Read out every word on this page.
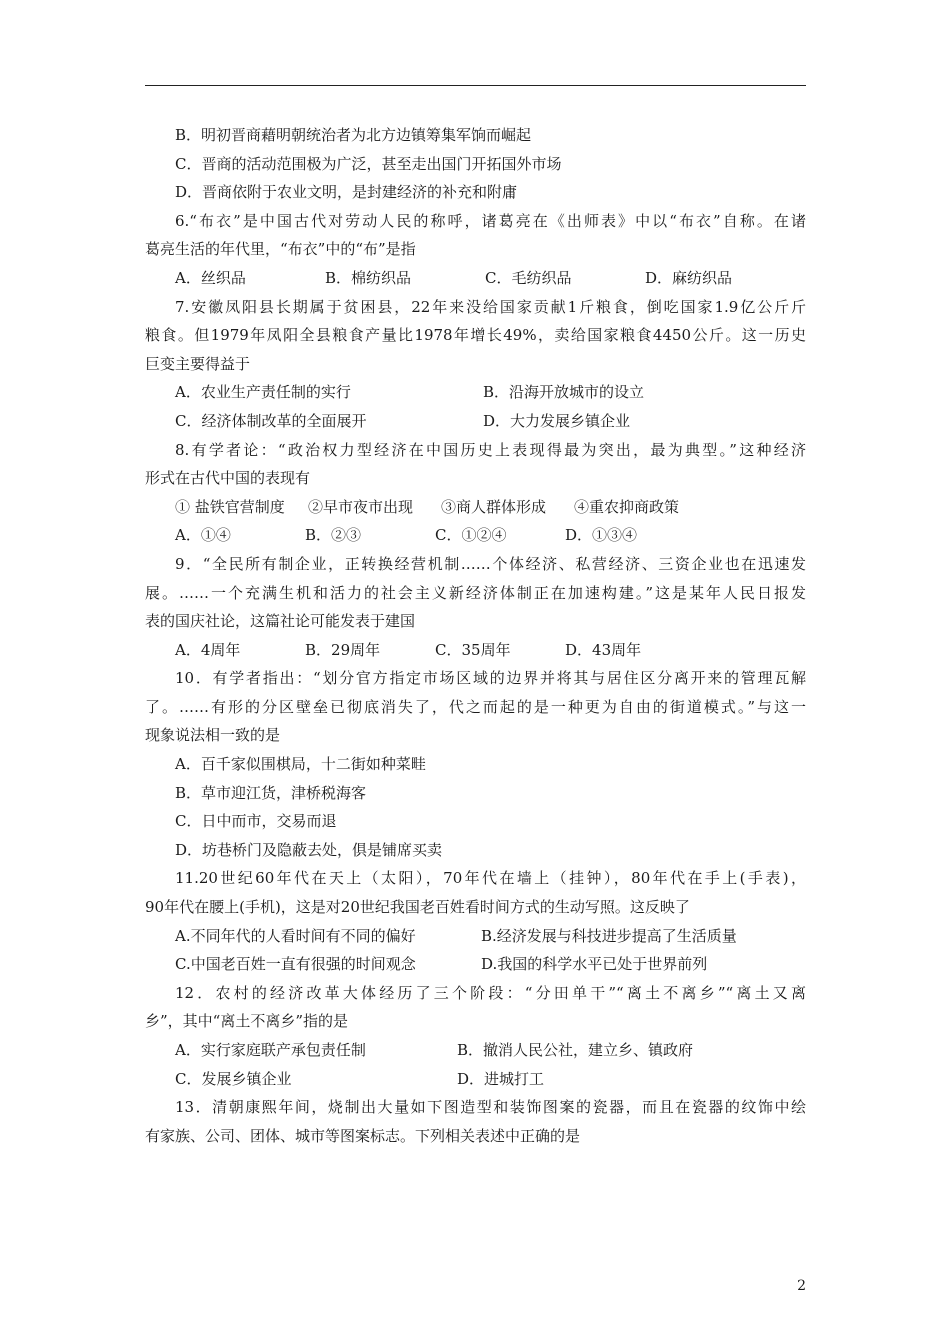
B．明初晋商藉明朝统治者为北方边镇筹集军饷而崛起
C．晋商的活动范围极为广泛，甚至走出国门开拓国外市场
D．晋商依附于农业文明，是封建经济的补充和附庸
6.“布衣”是中国古代对劳动人民的称呼，诸葛亮在《出师表》中以“布衣”自称。在诸
葛亮生活的年代里，“布衣”中的“布”是指
A．丝织品	B．棉纺织品	C．毛纺织品	D．麻纺织品
7.安徽凤阳县长期属于贫困县，22年来没给国家贡献1斤粮食，倒吃国家1.9亿公斤斤
粮食。但1979年凤阳全县粮食产量比1978年增长49%，卖给国家粮食4450公斤。这一历史
巨变主要得益于
A．农业生产责任制的实行	B．沿海开放城市的设立
C．经济体制改革的全面展开	D．大力发展乡镇企业
8.有学者论：“政治权力型经济在中国历史上表现得最为突出，最为典型。”这种经济
形式在古代中国的表现有
① 盐铁官营制度 ②早市夜市出现 ③商人群体形成 ④重农抑商政策
A．①④	B．②③	C．①②④	D．①③④
9．“全民所有制企业，正转换经营机制……个体经济、私营经济、三资企业也在迅速发
展。……一个充满生机和活力的社会主义新经济体制正在加速构建。”这是某年人民日报发
表的国庆社论，这篇社论可能发表于建国
A．4周年	B．29周年	C．35周年	D．43周年
10．有学者指出：“划分官方指定市场区域的边界并将其与居住区分离开来的管理瓦解
了。……有形的分区壁垒已彻底消失了，代之而起的是一种更为自由的街道模式。”与这一
现象说法相一致的是
A．百千家似围棋局，十二街如种菜畦
B．草市迎江货，津桥税海客
C．日中而市，交易而退
D．坊巷桥门及隐蔽去处，俱是铺席买卖
11.20世纪60年代在天上（太阳），70年代在墙上（挂钟），80年代在手上(手表)，
90年代在腰上(手机)，这是对20世纪我国老百姓看时间方式的生动写照。这反映了
A.不同年代的人看时间有不同的偏好	B.经济发展与科技进步提高了生活质量
C.中国老百姓一直有很强的时间观念	D.我国的科学水平已处于世界前列
12．农村的经济改革大体经历了三个阶段：“分田单干”“离土不离乡”“离土又离
乡”，其中“离土不离乡”指的是
A．实行家庭联产承包责任制	B．撤消人民公社，建立乡、镇政府
C．发展乡镇企业	D．进城打工
13．清朝康熙年间，烧制出大量如下图造型和装饰图案的瓷器，而且在瓷器的纹饰中绘
有家族、公司、团体、城市等图案标志。下列相关表述中正确的是
2
